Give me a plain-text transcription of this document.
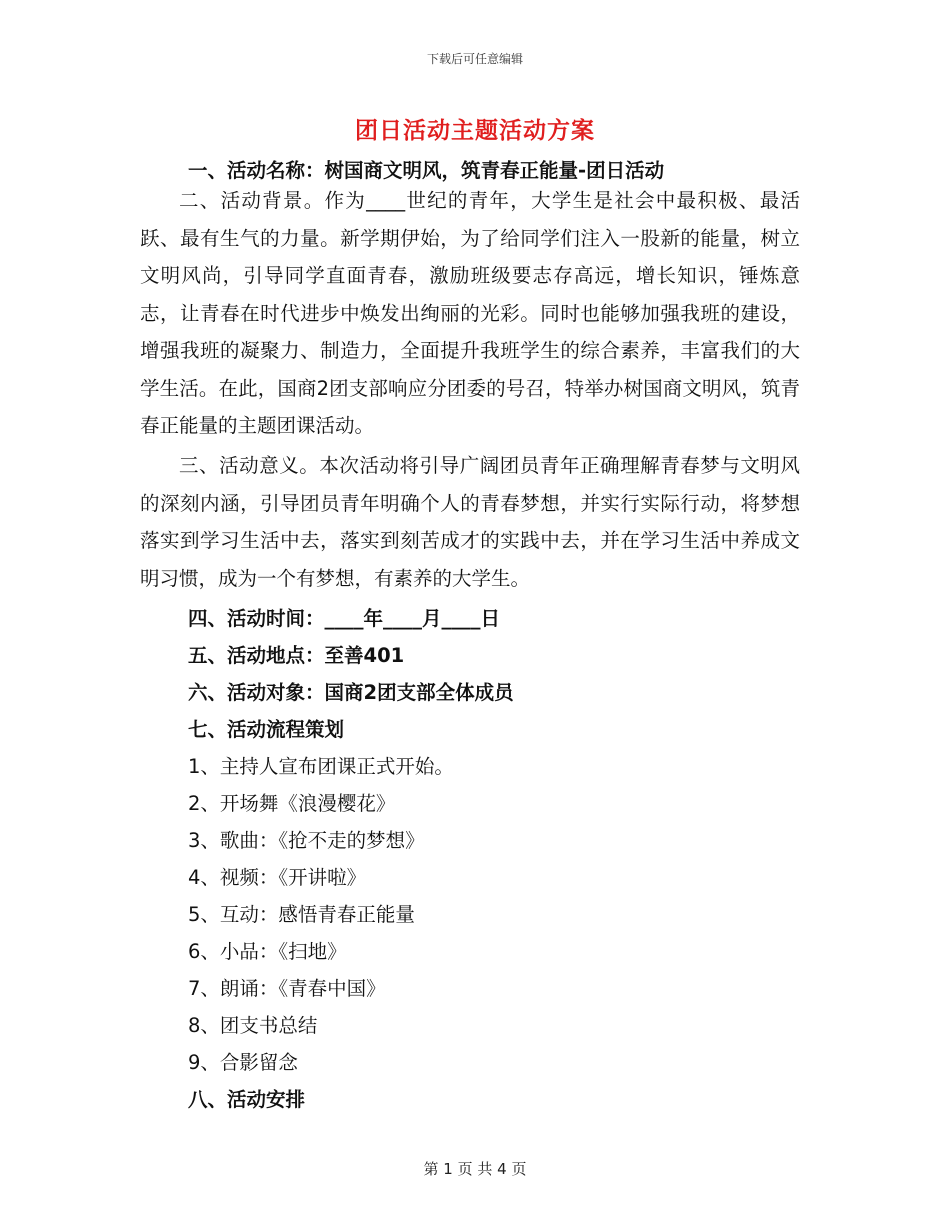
下载后可任意编辑
团日活动主题活动方案
一、活动名称：树国商文明风，筑青春正能量-团日活动
二、活动背景。作为____世纪的青年，大学生是社会中最积极、最活跃、最有生气的力量。新学期伊始，为了给同学们注入一股新的能量，树立文明风尚，引导同学直面青春，激励班级要志存高远，增长知识，锤炼意志，让青春在时代进步中焕发出绚丽的光彩。同时也能够加强我班的建设，增强我班的凝聚力、制造力，全面提升我班学生的综合素养，丰富我们的大学生活。在此，国商2团支部响应分团委的号召，特举办树国商文明风，筑青春正能量的主题团课活动。
三、活动意义。本次活动将引导广阔团员青年正确理解青春梦与文明风的深刻内涵，引导团员青年明确个人的青春梦想，并实行实际行动，将梦想落实到学习生活中去，落实到刻苦成才的实践中去，并在学习生活中养成文明习惯，成为一个有梦想，有素养的大学生。
四、活动时间：____年____月____日
五、活动地点：至善401
六、活动对象：国商2团支部全体成员
七、活动流程策划
1、主持人宣布团课正式开始。
2、开场舞《浪漫樱花》
3、歌曲：《抢不走的梦想》
4、视频：《开讲啦》
5、互动：感悟青春正能量
6、小品：《扫地》
7、朗诵：《青春中国》
8、团支书总结
9、合影留念
八、活动安排
第 1 页 共 4 页
